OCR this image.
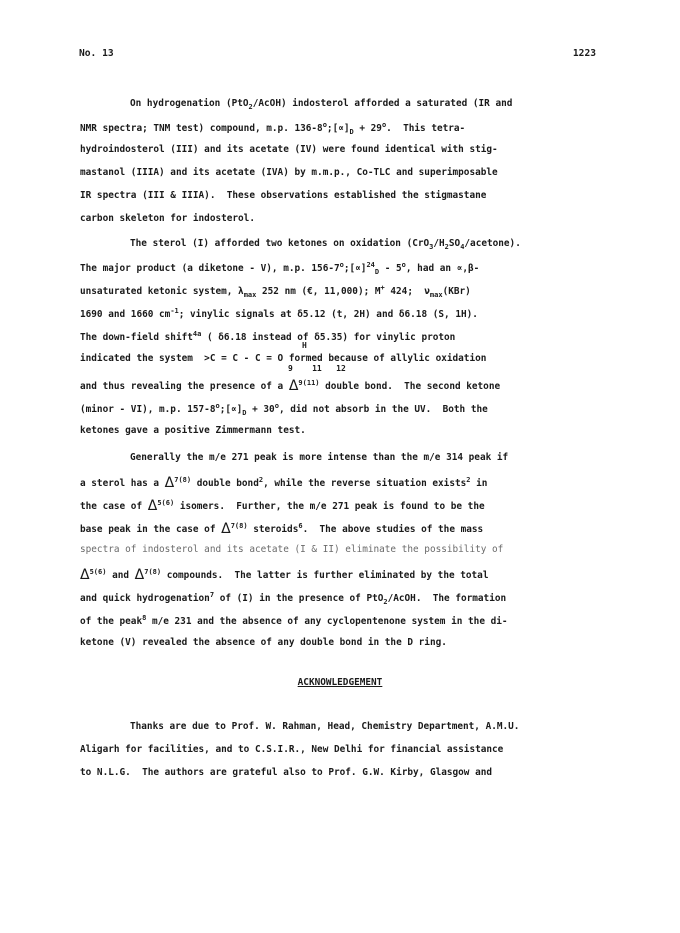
No. 13	1223
On hydrogenation (PtO$_2$/AcOH) indosterol afforded a saturated (IR and
NMR spectra; TNM test) compound, m.p. $136-8^o;[\propto]_D + 29^o$.  This tetra-
hydroindosterol (III) and its acetate (IV) were found identical with stig-
mastanol (IIIA) and its acetate (IVA) by m.m.p., Co-TLC and superimposable
IR spectra (III & IIIA).  These observations established the stigmastane
carbon skeleton for indosterol.
The sterol (I) afforded two ketones on oxidation $(CrO_3/H_2SO_4/acetone)$.
The major product (a diketone - V), m.p. $156-7^o;[\propto]^{24}_D - 5^o$, had an ∝,β-
unsaturated ketonic system, $\lambda_{max}$ 252 nm (€, 11,000); M+ 424;  $\nu_{max}(KBr)$
1690 and 1660 $cm^{-1}$; vinylic signals at δ5.12 (t, 2H) and δ6.18 (S, 1H).
The down-field shift$^{4a}$ ( δ6.18 instead of δ5.35) for vinylic proton
H
indicated the system  >C = C - C = O formed because of allylic oxidation
9    11   12
and thus revealing the presence of a $\Delta^{9(11)}$ double bond.  The second ketone
(minor - VI), m.p. $157-8^o;[\propto]_D + 30^o$, did not absorb in the UV.  Both the
ketones gave a positive Zimmermann test.
Generally the m/e 271 peak is more intense than the m/e 314 peak if
a sterol has a $\Delta^{7(8)}$ double bond$^2$, while the reverse situation exists$^2$ in
the case of $\Delta^{5(6)}$ isomers.  Further, the m/e 271 peak is found to be the
base peak in the case of $\Delta^{7(8)}$ steroids$^6$.  The above studies of the mass
spectra of indosterol and its acetate (I & II) eliminate the possibility of
$\Delta^{5(6)}$ and $\Delta^{7(8)}$ compounds.  The latter is further eliminated by the total
and quick hydrogenation$^7$ of (I) in the presence of PtO$_2$/AcOH.  The formation
of the peak$^8$ m/e 231 and the absence of any cyclopentenone system in the di-
ketone (V) revealed the absence of any double bond in the D ring.
ACKNOWLEDGEMENT
Thanks are due to Prof. W. Rahman, Head, Chemistry Department, A.M.U.
Aligarh for facilities, and to C.S.I.R., New Delhi for financial assistance
to N.L.G.  The authors are grateful also to Prof. G.W. Kirby, Glasgow and
